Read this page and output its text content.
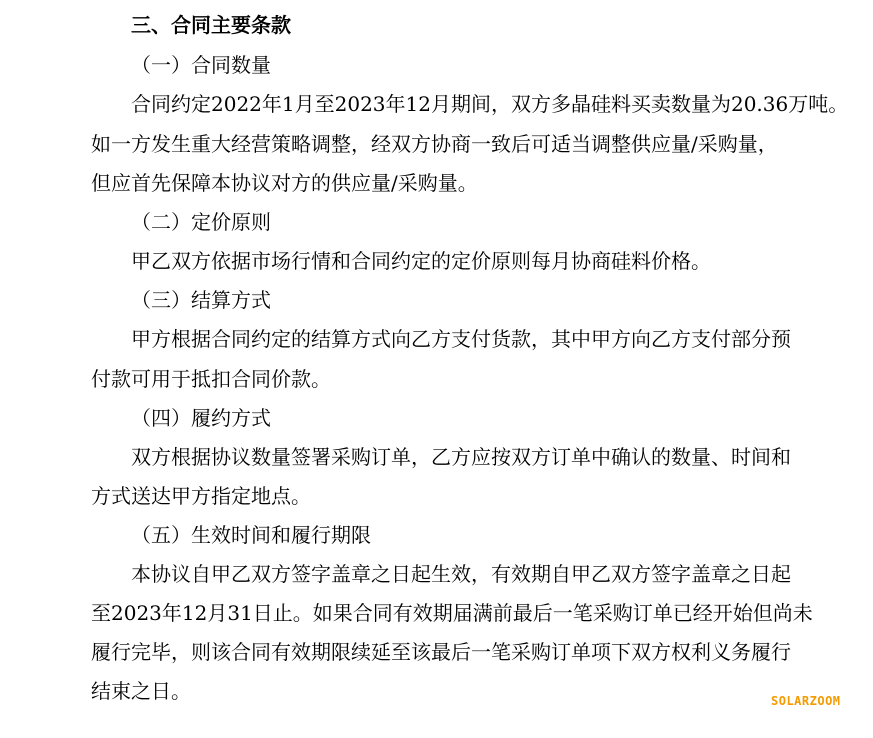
三、合同主要条款
（一）合同数量
合同约定2022年1月至2023年12月期间，双方多晶硅料买卖数量为20.36万吨。
如一方发生重大经营策略调整，经双方协商一致后可适当调整供应量/采购量，
但应首先保障本协议对方的供应量/采购量。
（二）定价原则
甲乙双方依据市场行情和合同约定的定价原则每月协商硅料价格。
（三）结算方式
甲方根据合同约定的结算方式向乙方支付货款，其中甲方向乙方支付部分预
付款可用于抵扣合同价款。
（四）履约方式
双方根据协议数量签署采购订单，乙方应按双方订单中确认的数量、时间和
方式送达甲方指定地点。
（五）生效时间和履行期限
本协议自甲乙双方签字盖章之日起生效，有效期自甲乙双方签字盖章之日起
至2023年12月31日止。如果合同有效期届满前最后一笔采购订单已经开始但尚未
履行完毕，则该合同有效期限续延至该最后一笔采购订单项下双方权利义务履行
结束之日。	SOLARZOOM
